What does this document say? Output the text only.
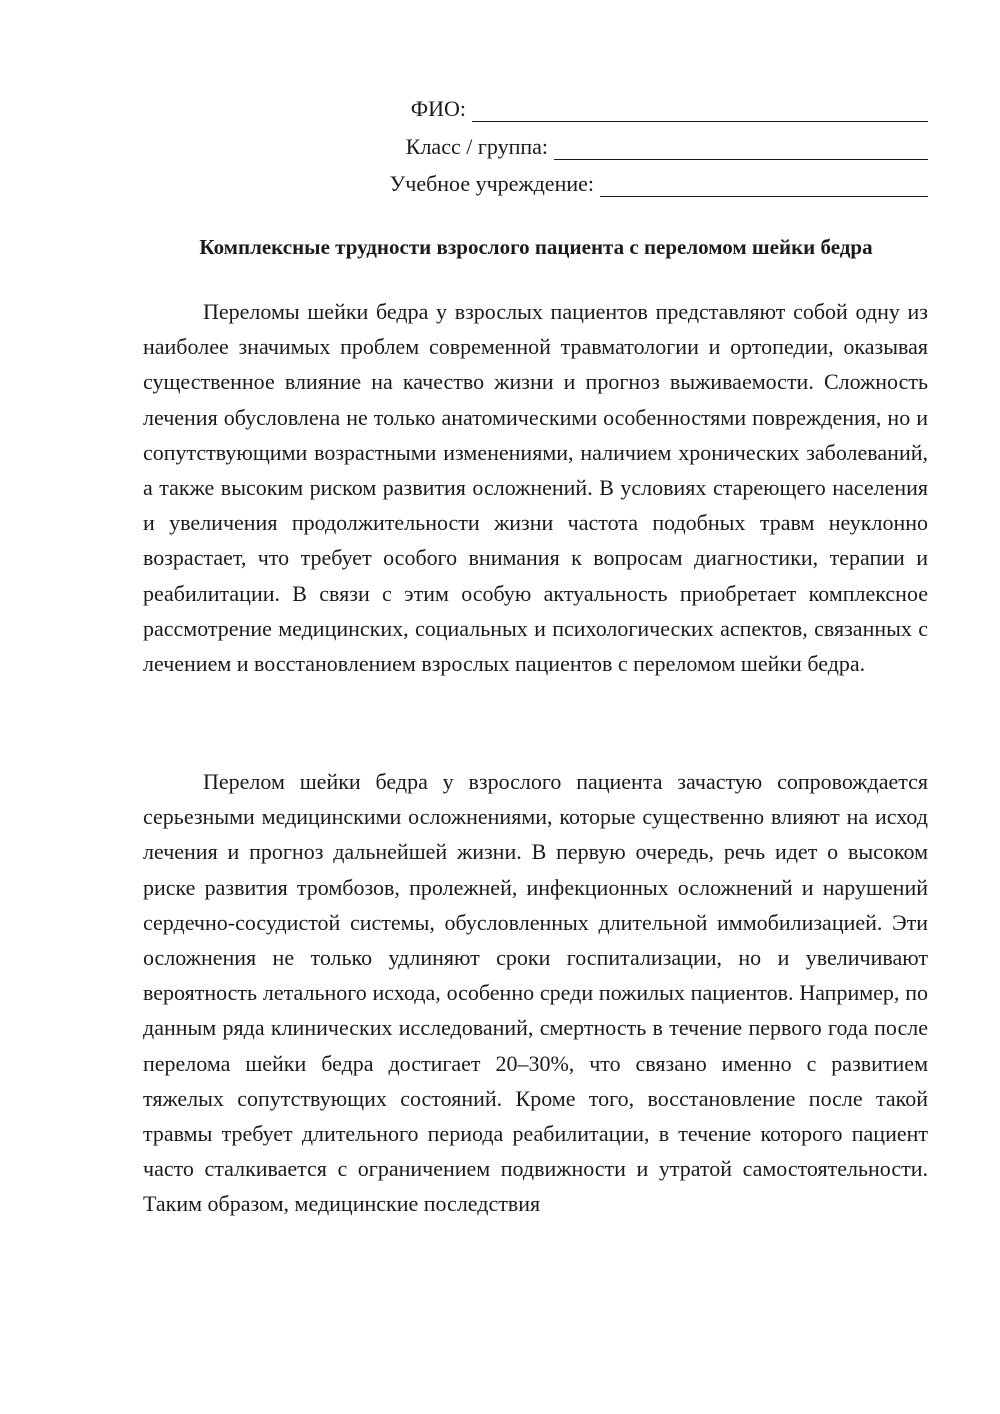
ФИО:
Класс / группа:
Учебное учреждение:
Комплексные трудности взрослого пациента с переломом шейки бедра

Переломы шейки бедра у взрослых пациентов представляют собой одну из наиболее значимых проблем современной травматологии и ортопедии, оказывая существенное влияние на качество жизни и прогноз выживаемости. Сложность лечения обусловлена не только анатомическими особенностями повреждения, но и сопутствующими возрастными изменениями, наличием хронических заболеваний, а также высоким риском развития осложнений. В условиях стареющего населения и увеличения продолжительности жизни частота подобных травм неуклонно возрастает, что требует особого внимания к вопросам диагностики, терапии и реабилитации. В связи с этим особую актуальность приобретает комплексное рассмотрение медицинских, социальных и психологических аспектов, связанных с лечением и восстановлением взрослых пациентов с переломом шейки бедра.

Перелом шейки бедра у взрослого пациента зачастую сопровождается серьезными медицинскими осложнениями, которые существенно влияют на исход лечения и прогноз дальнейшей жизни. В первую очередь, речь идет о высоком риске развития тромбозов, пролежней, инфекционных осложнений и нарушений сердечно-сосудистой системы, обусловленных длительной иммобилизацией. Эти осложнения не только удлиняют сроки госпитализации, но и увеличивают вероятность летального исхода, особенно среди пожилых пациентов. Например, по данным ряда клинических исследований, смертность в течение первого года после перелома шейки бедра достигает 20–30%, что связано именно с развитием тяжелых сопутствующих состояний. Кроме того, восстановление после такой травмы требует длительного периода реабилитации, в течение которого пациент часто сталкивается с ограничением подвижности и утратой самостоятельности. Таким образом, медицинские последствия
